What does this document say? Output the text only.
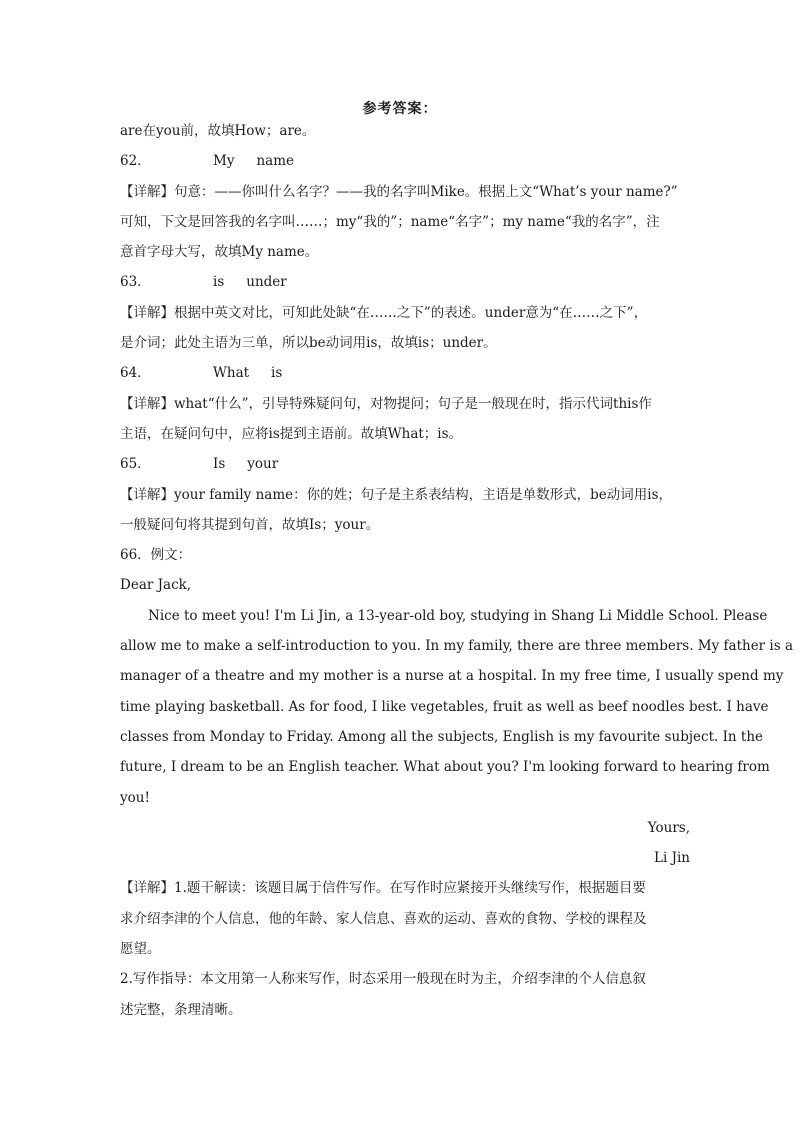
参考答案：

are在you前，故填How；are。

62．	My name

【详解】句意：——你叫什么名字？——我的名字叫Mike。根据上文“What’s your name?”

可知，下文是回答我的名字叫……；my“我的”；name“名字”；my name“我的名字”，注

意首字母大写，故填My name。

63．	is under

【详解】根据中英文对比，可知此处缺“在……之下”的表述。under意为“在……之下”，

是介词；此处主语为三单，所以be动词用is，故填is；under。

64．	What is

【详解】what“什么”，引导特殊疑问句，对物提问；句子是一般现在时，指示代词this作

主语，在疑问句中，应将is提到主语前。故填What；is。

65．	Is your

【详解】your family name：你的姓；句子是主系表结构，主语是单数形式，be动词用is，

一般疑问句将其提到句首，故填Is；your。

66．例文：

Dear Jack,

Nice to meet you! I'm Li Jin, a 13-year-old boy, studying in Shang Li Middle School. Please

allow me to make a self-introduction to you. In my family, there are three members. My father is a

manager of a theatre and my mother is a nurse at a hospital. In my free time, I usually spend my

time playing basketball. As for food, I like vegetables, fruit as well as beef noodles best. I have

classes from Monday to Friday. Among all the subjects, English is my favourite subject. In the

future, I dream to be an English teacher. What about you? I'm looking forward to hearing from

you!

Yours,

Li Jin

【详解】1.题干解读：该题目属于信件写作。在写作时应紧接开头继续写作，根据题目要

求介绍李津的个人信息，他的年龄、家人信息、喜欢的运动、喜欢的食物、学校的课程及

愿望。

2.写作指导：本文用第一人称来写作，时态采用一般现在时为主，介绍李津的个人信息叙

述完整，条理清晰。
